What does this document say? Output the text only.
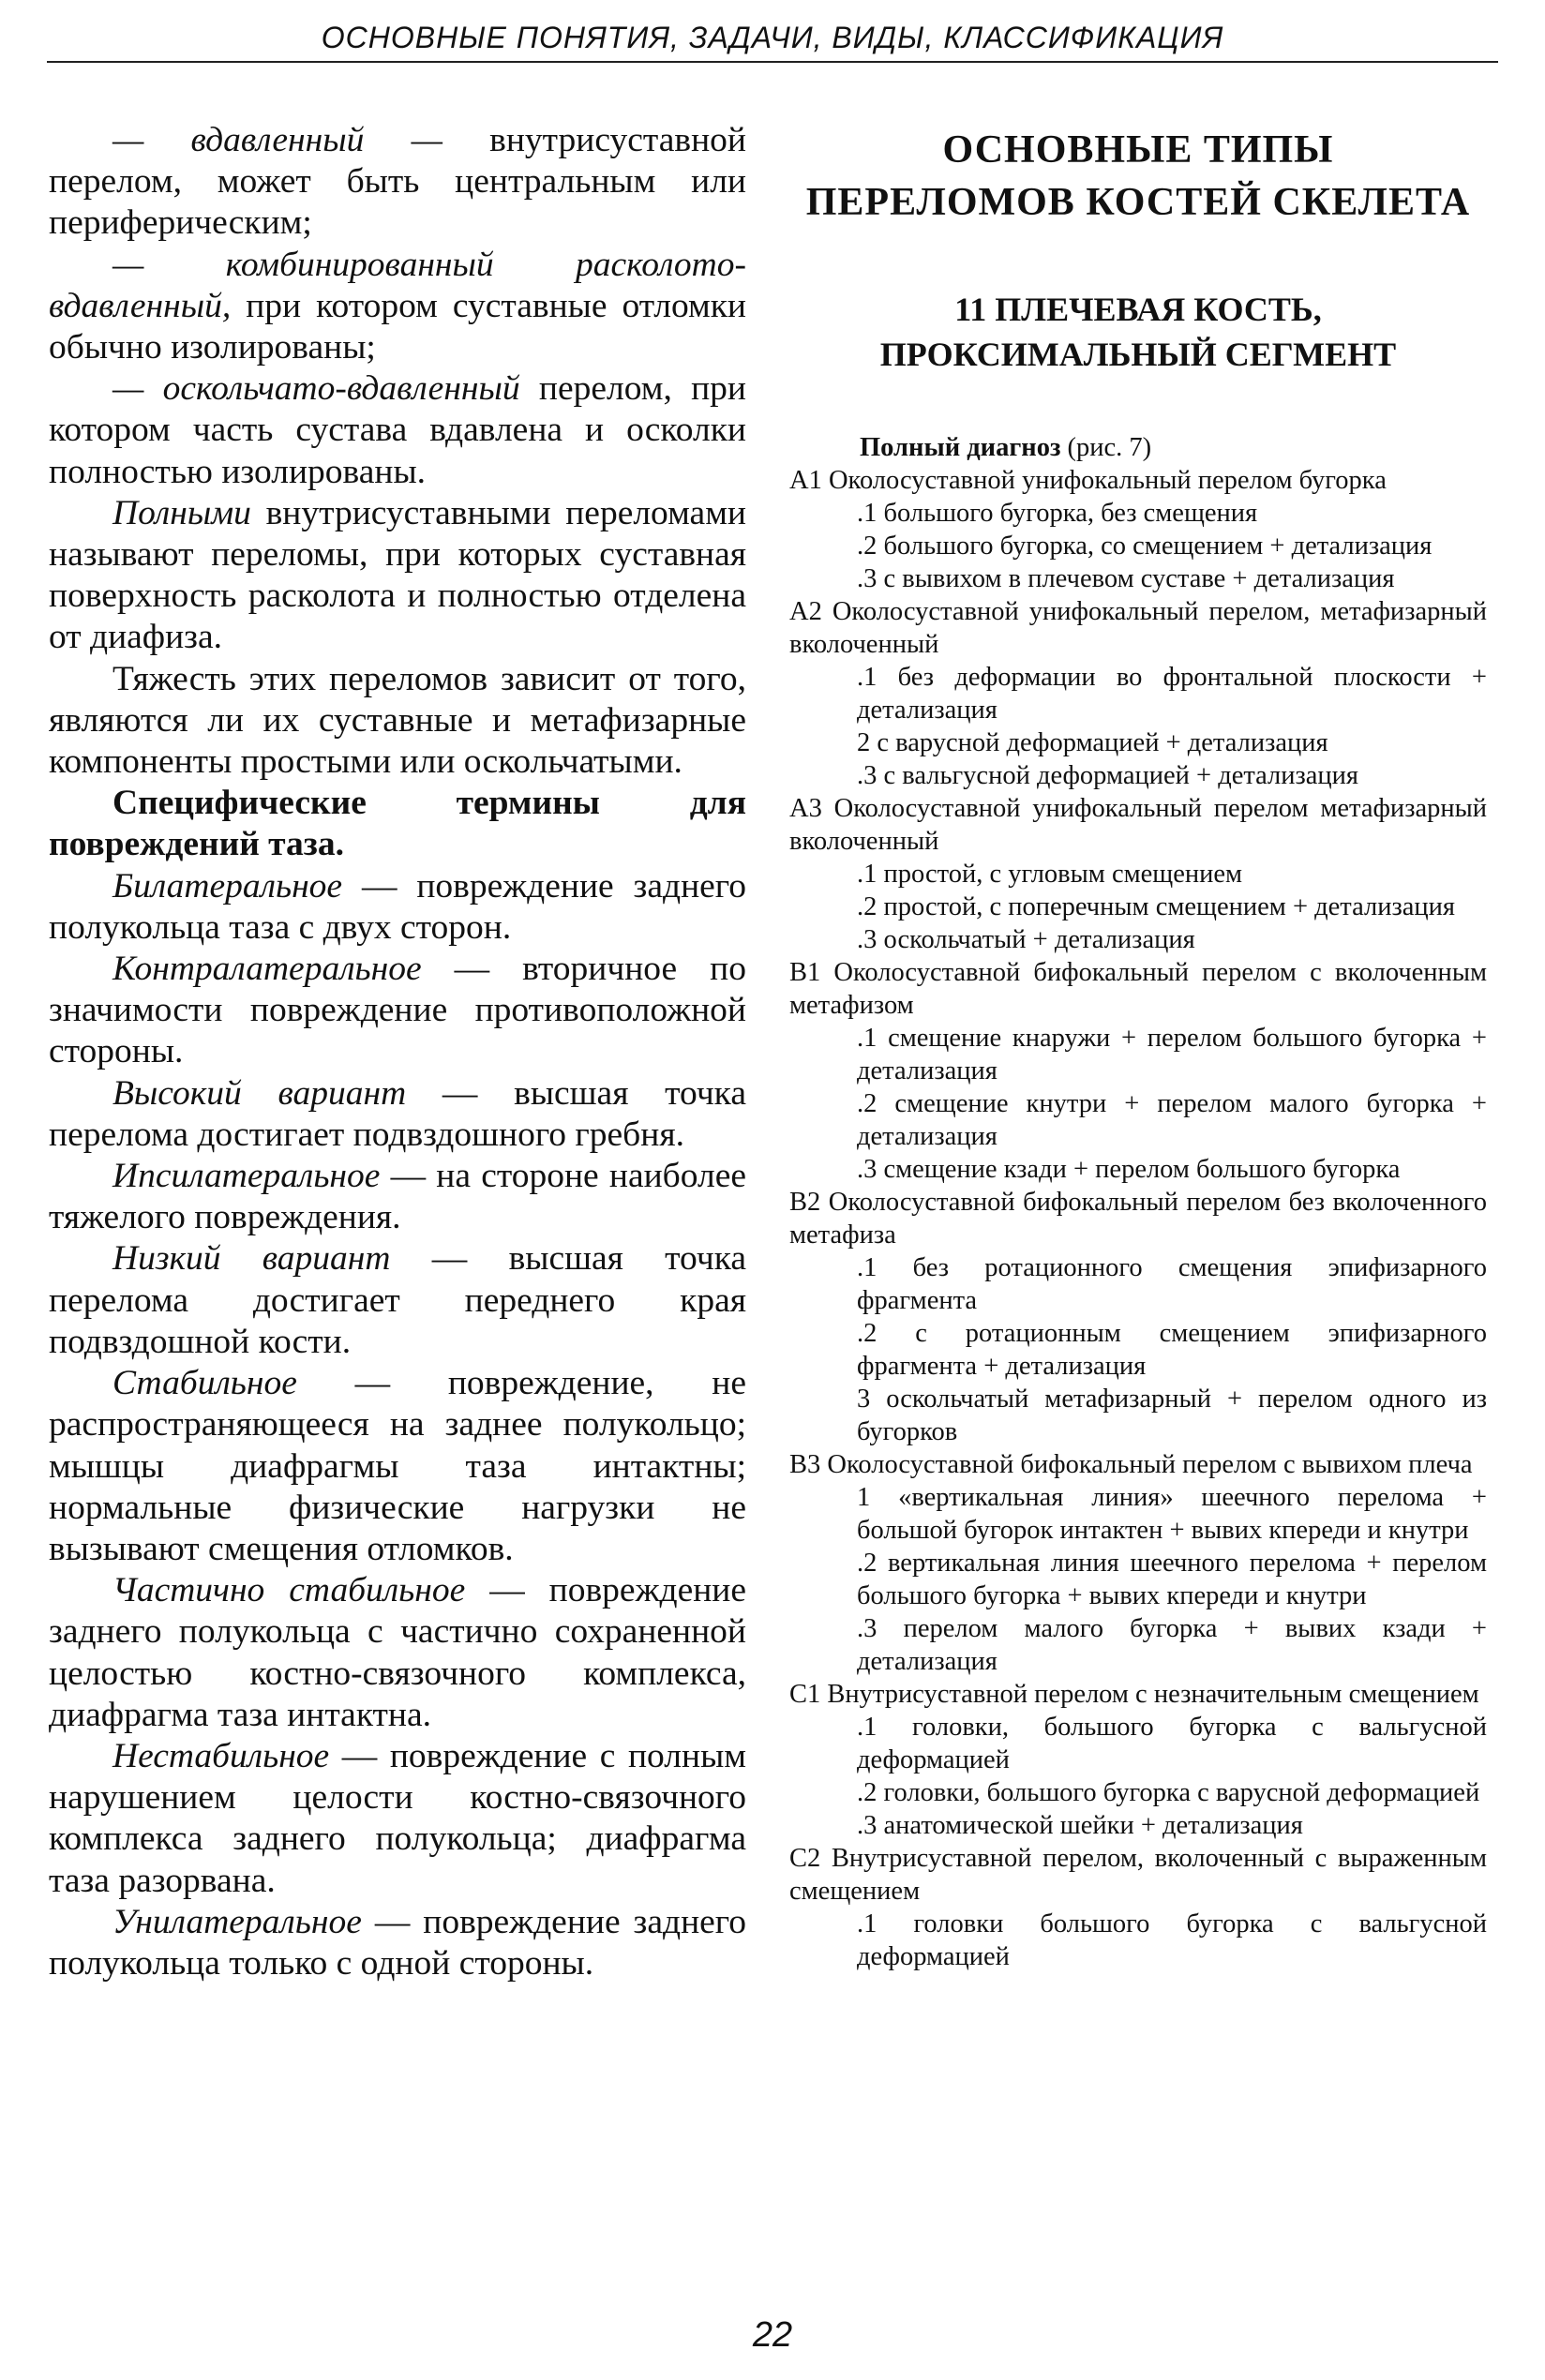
ОСНОВНЫЕ ПОНЯТИЯ, ЗАДАЧИ, ВИДЫ, КЛАССИФИКАЦИЯ

— вдавленный — внутрисуставной перелом, может быть центральным или периферическим;

— комбинированный расколото-вдавленный, при котором суставные отломки обычно изолированы;

— оскольчато-вдавленный перелом, при котором часть сустава вдавлена и осколки полностью изолированы.

Полными внутрисуставными переломами называют переломы, при которых суставная поверхность расколота и полностью отделена от диафиза.

Тяжесть этих переломов зависит от того, являются ли их суставные и метафизарные компоненты простыми или оскольчатыми.

Специфические термины для повреждений таза.

Билатеральное — повреждение заднего полукольца таза с двух сторон.

Контралатеральное — вторичное по значимости повреждение противоположной стороны.

Высокий вариант — высшая точка перелома достигает подвздошного гребня.

Ипсилатеральное — на стороне наиболее тяжелого повреждения.

Низкий вариант — высшая точка перелома достигает переднего края подвздошной кости.

Стабильное — повреждение, не распространяющееся на заднее полукольцо; мышцы диафрагмы таза интактны; нормальные физические нагрузки не вызывают смещения отломков.

Частично стабильное — повреждение заднего полукольца с частично сохраненной целостью костно-связочного комплекса, диафрагма таза интактна.

Нестабильное — повреждение с полным нарушением целости костно-связочного комплекса заднего полукольца; диафрагма таза разорвана.

Унилатеральное — повреждение заднего полукольца только с одной стороны.

ОСНОВНЫЕ ТИПЫ
ПЕРЕЛОМОВ КОСТЕЙ СКЕЛЕТА
11 ПЛЕЧЕВАЯ КОСТЬ,
ПРОКСИМАЛЬНЫЙ СЕГМЕНТ
Полный диагноз (рис. 7)
А1 Околосуставной унифокальный перелом бугорка
.1 большого бугорка, без смещения
.2 большого бугорка, со смещением + детализация
.3 с вывихом в плечевом суставе + детализация
А2 Околосуставной унифокальный перелом, метафизарный вколоченный
.1 без деформации во фронтальной плоскости + детализация
2 с варусной деформацией + детализация
.3 с вальгусной деформацией + детализация
А3 Околосуставной унифокальный перелом метафизарный вколоченный
.1 простой, с угловым смещением
.2 простой, с поперечным смещением + детализация
.3 оскольчатый + детализация
В1 Околосуставной бифокальный перелом с вколоченным метафизом
.1 смещение кнаружи + перелом большого бугорка + детализация
.2 смещение кнутри + перелом малого бугорка + детализация
.3 смещение кзади + перелом большого бугорка
В2 Околосуставной бифокальный перелом без вколоченного метафиза
.1 без ротационного смещения эпифизарного фрагмента
.2 с ротационным смещением эпифизарного фрагмента + детализация
3 оскольчатый метафизарный + перелом одного из бугорков
В3 Околосуставной бифокальный перелом с вывихом плеча
1 «вертикальная линия» шеечного перелома + большой бугорок интактен + вывих кпереди и кнутри
.2 вертикальная линия шеечного перелома + перелом большого бугорка + вывих кпереди и кнутри
.3 перелом малого бугорка + вывих кзади + детализация
С1 Внутрисуставной перелом с незначительным смещением
.1 головки, большого бугорка с вальгусной деформацией
.2 головки, большого бугорка с варусной деформацией
.3 анатомической шейки + детализация
С2 Внутрисуставной перелом, вколоченный с выраженным смещением
.1 головки большого бугорка с вальгусной деформацией
22
